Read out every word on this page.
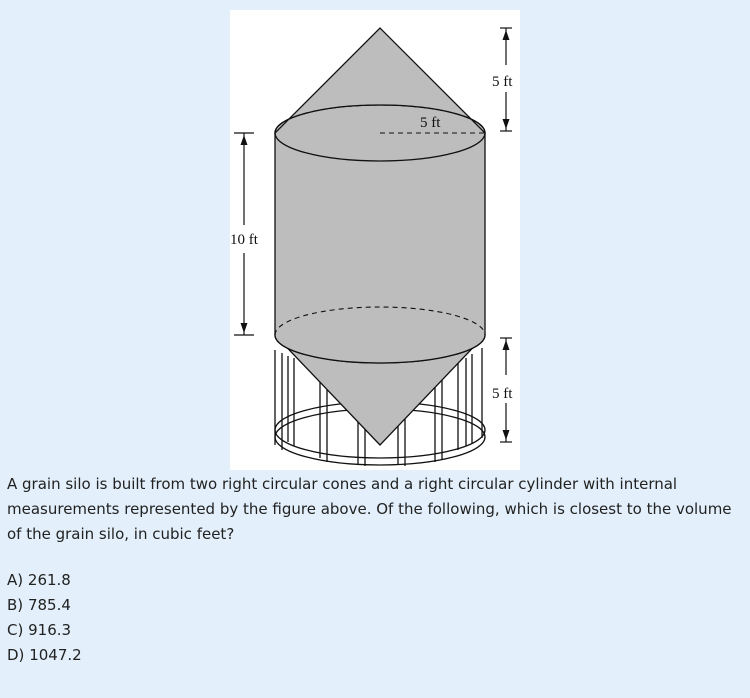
5 ft
5 ft
10 ft
5 ft

A grain silo is built from two right circular cones and a right circular cylinder with internal measurements represented by the figure above. Of the following, which is closest to the volume of the grain silo, in cubic feet?

A) 261.8
B) 785.4
C) 916.3
D) 1047.2
